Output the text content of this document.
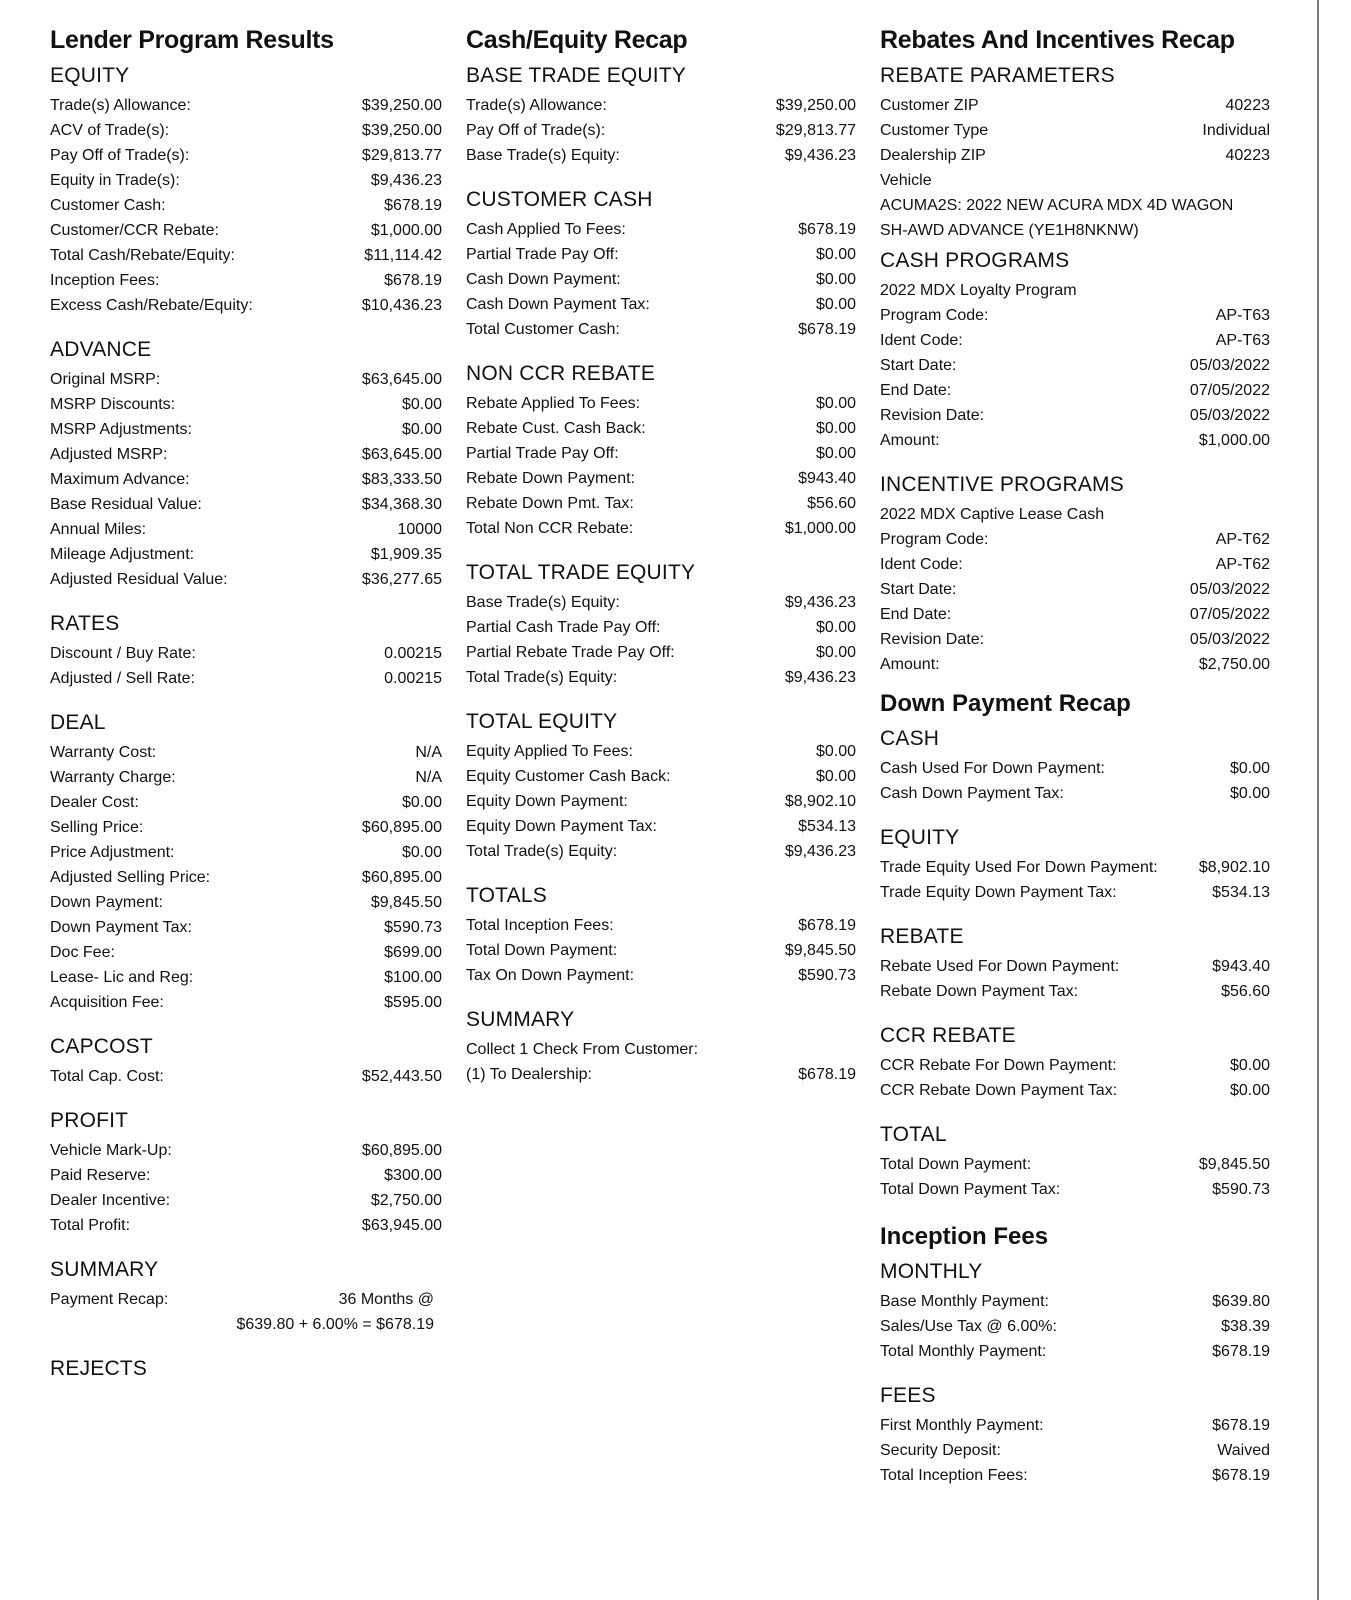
Lender Program Results
EQUITY
Trade(s) Allowance:	$39,250.00
ACV of Trade(s):	$39,250.00
Pay Off of Trade(s):	$29,813.77
Equity in Trade(s):	$9,436.23
Customer Cash:	$678.19
Customer/CCR Rebate:	$1,000.00
Total Cash/Rebate/Equity:	$11,114.42
Inception Fees:	$678.19
Excess Cash/Rebate/Equity:	$10,436.23
ADVANCE
Original MSRP:	$63,645.00
MSRP Discounts:	$0.00
MSRP Adjustments:	$0.00
Adjusted MSRP:	$63,645.00
Maximum Advance:	$83,333.50
Base Residual Value:	$34,368.30
Annual Miles:	10000
Mileage Adjustment:	$1,909.35
Adjusted Residual Value:	$36,277.65
RATES
Discount / Buy Rate:	0.00215
Adjusted / Sell Rate:	0.00215
DEAL
Warranty Cost:	N/A
Warranty Charge:	N/A
Dealer Cost:	$0.00
Selling Price:	$60,895.00
Price Adjustment:	$0.00
Adjusted Selling Price:	$60,895.00
Down Payment:	$9,845.50
Down Payment Tax:	$590.73
Doc Fee:	$699.00
Lease- Lic and Reg:	$100.00
Acquisition Fee:	$595.00
CAPCOST
Total Cap. Cost:	$52,443.50
PROFIT
Vehicle Mark-Up:	$60,895.00
Paid Reserve:	$300.00
Dealer Incentive:	$2,750.00
Total Profit:	$63,945.00
SUMMARY
Payment Recap:	36 Months @
$639.80 + 6.00% = $678.19
REJECTS
Cash/Equity Recap
BASE TRADE EQUITY
Trade(s) Allowance:	$39,250.00
Pay Off of Trade(s):	$29,813.77
Base Trade(s) Equity:	$9,436.23
CUSTOMER CASH
Cash Applied To Fees:	$678.19
Partial Trade Pay Off:	$0.00
Cash Down Payment:	$0.00
Cash Down Payment Tax:	$0.00
Total Customer Cash:	$678.19
NON CCR REBATE
Rebate Applied To Fees:	$0.00
Rebate Cust. Cash Back:	$0.00
Partial Trade Pay Off:	$0.00
Rebate Down Payment:	$943.40
Rebate Down Pmt. Tax:	$56.60
Total Non CCR Rebate:	$1,000.00
TOTAL TRADE EQUITY
Base Trade(s) Equity:	$9,436.23
Partial Cash Trade Pay Off:	$0.00
Partial Rebate Trade Pay Off:	$0.00
Total Trade(s) Equity:	$9,436.23
TOTAL EQUITY
Equity Applied To Fees:	$0.00
Equity Customer Cash Back:	$0.00
Equity Down Payment:	$8,902.10
Equity Down Payment Tax:	$534.13
Total Trade(s) Equity:	$9,436.23
TOTALS
Total Inception Fees:	$678.19
Total Down Payment:	$9,845.50
Tax On Down Payment:	$590.73
SUMMARY
Collect 1 Check From Customer:
(1) To Dealership:	$678.19
Rebates And Incentives Recap
REBATE PARAMETERS
Customer ZIP	40223
Customer Type	Individual
Dealership ZIP	40223
Vehicle
ACUMA2S: 2022 NEW ACURA MDX 4D WAGON
SH-AWD ADVANCE (YE1H8NKNW)
CASH PROGRAMS
2022 MDX Loyalty Program
Program Code:	AP-T63
Ident Code:	AP-T63
Start Date:	05/03/2022
End Date:	07/05/2022
Revision Date:	05/03/2022
Amount:	$1,000.00
INCENTIVE PROGRAMS
2022 MDX Captive Lease Cash
Program Code:	AP-T62
Ident Code:	AP-T62
Start Date:	05/03/2022
End Date:	07/05/2022
Revision Date:	05/03/2022
Amount:	$2,750.00
Down Payment Recap
CASH
Cash Used For Down Payment:	$0.00
Cash Down Payment Tax:	$0.00
EQUITY
Trade Equity Used For Down Payment:	$8,902.10
Trade Equity Down Payment Tax:	$534.13
REBATE
Rebate Used For Down Payment:	$943.40
Rebate Down Payment Tax:	$56.60
CCR REBATE
CCR Rebate For Down Payment:	$0.00
CCR Rebate Down Payment Tax:	$0.00
TOTAL
Total Down Payment:	$9,845.50
Total Down Payment Tax:	$590.73
Inception Fees
MONTHLY
Base Monthly Payment:	$639.80
Sales/Use Tax @ 6.00%:	$38.39
Total Monthly Payment:	$678.19
FEES
First Monthly Payment:	$678.19
Security Deposit:	Waived
Total Inception Fees:	$678.19
